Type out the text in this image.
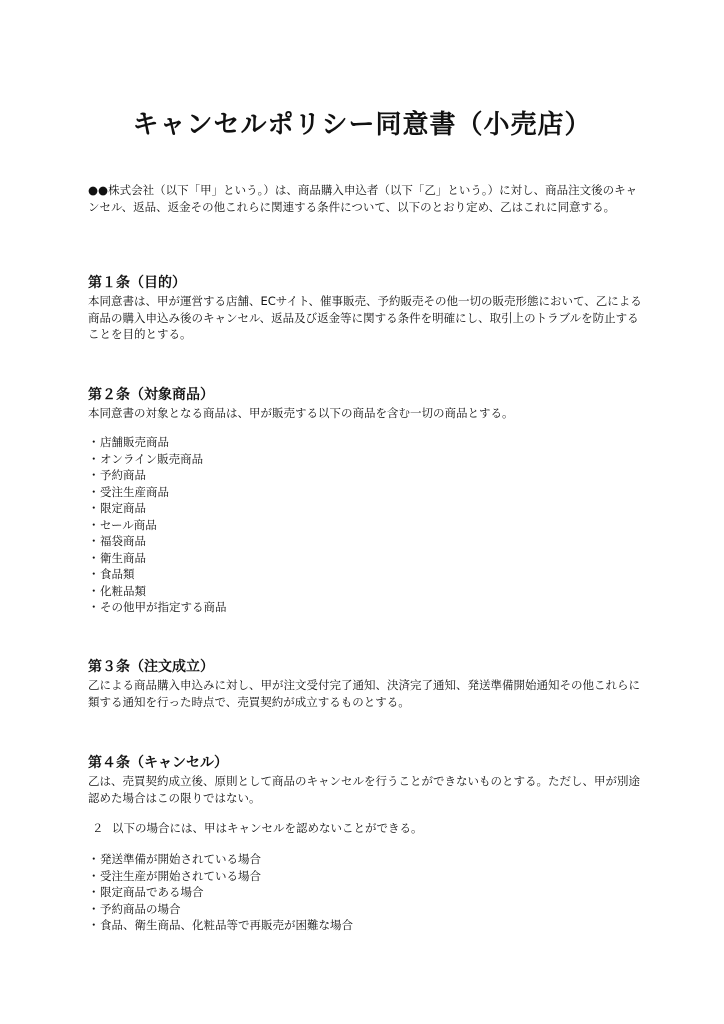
キャンセルポリシー同意書（小売店）

●●株式会社（以下「甲」という。）は、商品購入申込者（以下「乙」という。）に対し、商品注文後のキャンセル、返品、返金その他これらに関連する条件について、以下のとおり定め、乙はこれに同意する。

第１条（目的）

本同意書は、甲が運営する店舗、ECサイト、催事販売、予約販売その他一切の販売形態において、乙による商品の購入申込み後のキャンセル、返品及び返金等に関する条件を明確にし、取引上のトラブルを防止することを目的とする。

第２条（対象商品）

本同意書の対象となる商品は、甲が販売する以下の商品を含む一切の商品とする。

・ 店舗販売商品
・ オンライン販売商品
・ 予約商品
・ 受注生産商品
・ 限定商品
・ セール商品
・ 福袋商品
・ 衛生商品
・ 食品類
・ 化粧品類
・ その他甲が指定する商品
第３条（注文成立）

乙による商品購入申込みに対し、甲が注文受付完了通知、決済完了通知、発送準備開始通知その他これらに類する通知を行った時点で、売買契約が成立するものとする。

第４条（キャンセル）

乙は、売買契約成立後、原則として商品のキャンセルを行うことができないものとする。ただし、甲が別途認めた場合はこの限りではない。

２ 以下の場合には、甲はキャンセルを認めないことができる。

・ 発送準備が開始されている場合
・ 受注生産が開始されている場合
・ 限定商品である場合
・ 予約商品の場合
・ 食品、衛生商品、化粧品等で再販売が困難な場合
